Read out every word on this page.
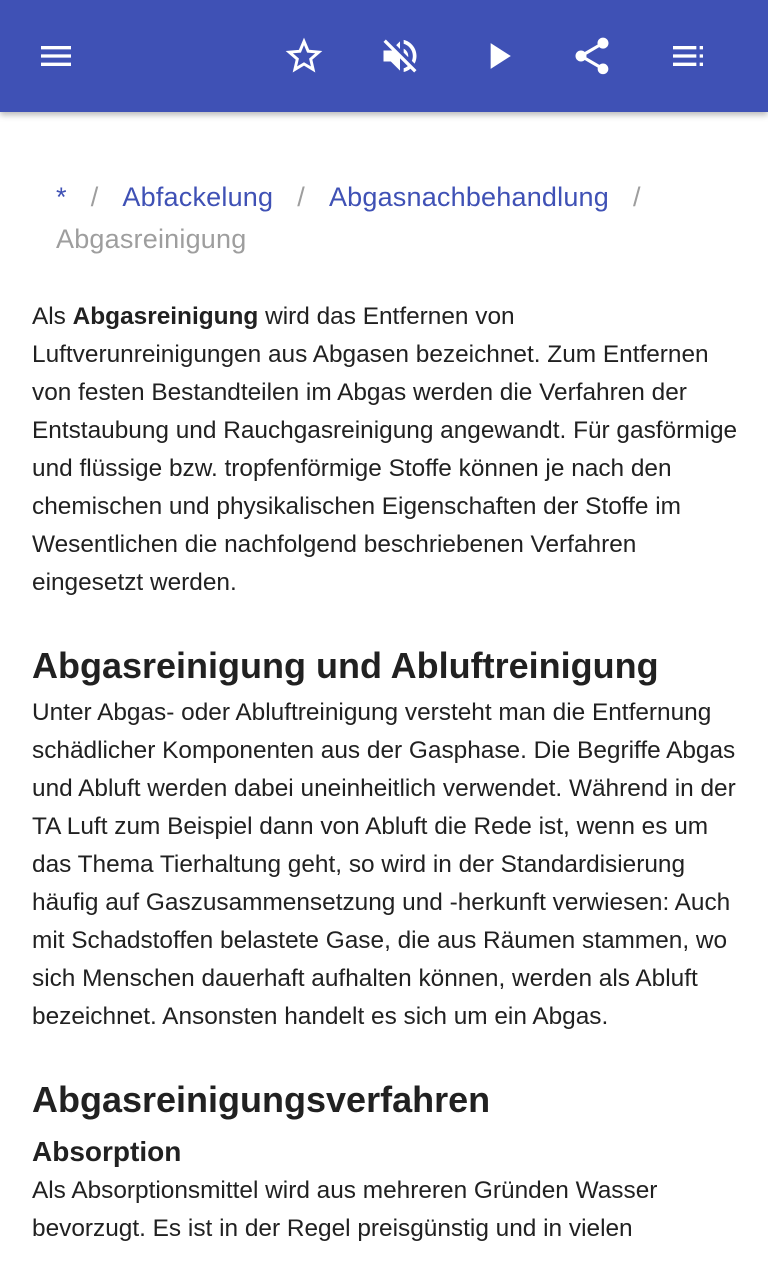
* / Abfackelung / Abgasnachbehandlung /
Abgasreinigung

Als Abgasreinigung wird das Entfernen von Luftverunreinigungen aus Abgasen bezeichnet. Zum Entfernen von festen Bestandteilen im Abgas werden die Verfahren der Entstaubung und Rauchgasreinigung angewandt. Für gasförmige und flüssige bzw. tropfenförmige Stoffe können je nach den chemischen und physikalischen Eigenschaften der Stoffe im Wesentlichen die nachfolgend beschriebenen Verfahren eingesetzt werden.

Abgasreinigung und Abluftreinigung

Unter Abgas- oder Abluftreinigung versteht man die Entfernung schädlicher Komponenten aus der Gasphase. Die Begriffe Abgas und Abluft werden dabei uneinheitlich verwendet. Während in der TA Luft zum Beispiel dann von Abluft die Rede ist, wenn es um das Thema Tierhaltung geht, so wird in der Standardisierung häufig auf Gaszusammensetzung und -herkunft verwiesen: Auch mit Schadstoffen belastete Gase, die aus Räumen stammen, wo sich Menschen dauerhaft aufhalten können, werden als Abluft bezeichnet. Ansonsten handelt es sich um ein Abgas.

Abgasreinigungsverfahren
Absorption

Als Absorptionsmittel wird aus mehreren Gründen Wasser bevorzugt. Es ist in der Regel preisgünstig und in vielen
